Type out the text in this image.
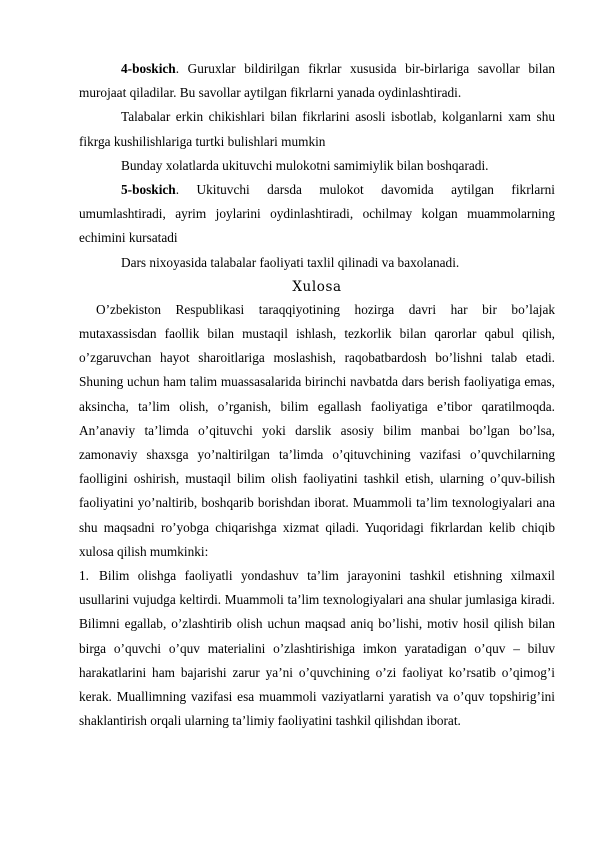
4-boskich. Guruxlar bildirilgan fikrlar xususida bir-birlariga savollar bilan murojaat qiladilar. Bu savollar aytilgan fikrlarni yanada oydinlashtiradi.

Talabalar erkin chikishlari bilan fikrlarini asosli isbotlab, kolganlarni xam shu fikrga kushilishlariga turtki bulishlari mumkin

Bunday xolatlarda ukituvchi mulokotni samimiylik bilan boshqaradi.

5-boskich. Ukituvchi darsda mulokot davomida aytilgan fikrlarni umumlashtiradi, ayrim joylarini oydinlashtiradi, ochilmay kolgan muammolarning echimini kursatadi

Dars nixoyasida talabalar faoliyati taxlil qilinadi va baxolanadi.

Xulosa

O’zbekiston Respublikasi taraqqiyotining hozirga davri har bir bo’lajak mutaxassisdan faollik bilan mustaqil ishlash, tezkorlik bilan qarorlar qabul qilish, o’zgaruvchan hayot sharoitlariga moslashish, raqobatbardosh bo’lishni talab etadi. Shuning uchun ham talim muassasalarida birinchi navbatda dars berish faoliyatiga emas, aksincha, ta’lim olish, o’rganish, bilim egallash faoliyatiga e’tibor qaratilmoqda. An’anaviy ta’limda o’qituvchi yoki darslik asosiy bilim manbai bo’lgan bo’lsa, zamonaviy shaxsga yo’naltirilgan ta’limda o’qituvchining vazifasi o’quvchilarning faolligini oshirish, mustaqil bilim olish faoliyatini tashkil etish, ularning o’quv-bilish faoliyatini yo’naltirib, boshqarib borishdan iborat. Muammoli ta’lim texnologiyalari ana shu maqsadni ro’yobga chiqarishga xizmat qiladi. Yuqoridagi fikrlardan kelib chiqib xulosa qilish mumkinki:

1. Bilim olishga faoliyatli yondashuv ta’lim jarayonini tashkil etishning xilmaxil usullarini vujudga keltirdi. Muammoli ta’lim texnologiyalari ana shular jumlasiga kiradi. Bilimni egallab, o’zlashtirib olish uchun maqsad aniq bo’lishi, motiv hosil qilish bilan birga o’quvchi o’quv materialini o’zlashtirishiga imkon yaratadigan o’quv – biluv harakatlarini ham bajarishi zarur ya’ni o’quvchining o’zi faoliyat ko’rsatib o’qimog’i kerak. Muallimning vazifasi esa muammoli vaziyatlarni yaratish va o’quv topshirig’ini shaklantirish orqali ularning ta’limiy faoliyatini tashkil qilishdan iborat.
